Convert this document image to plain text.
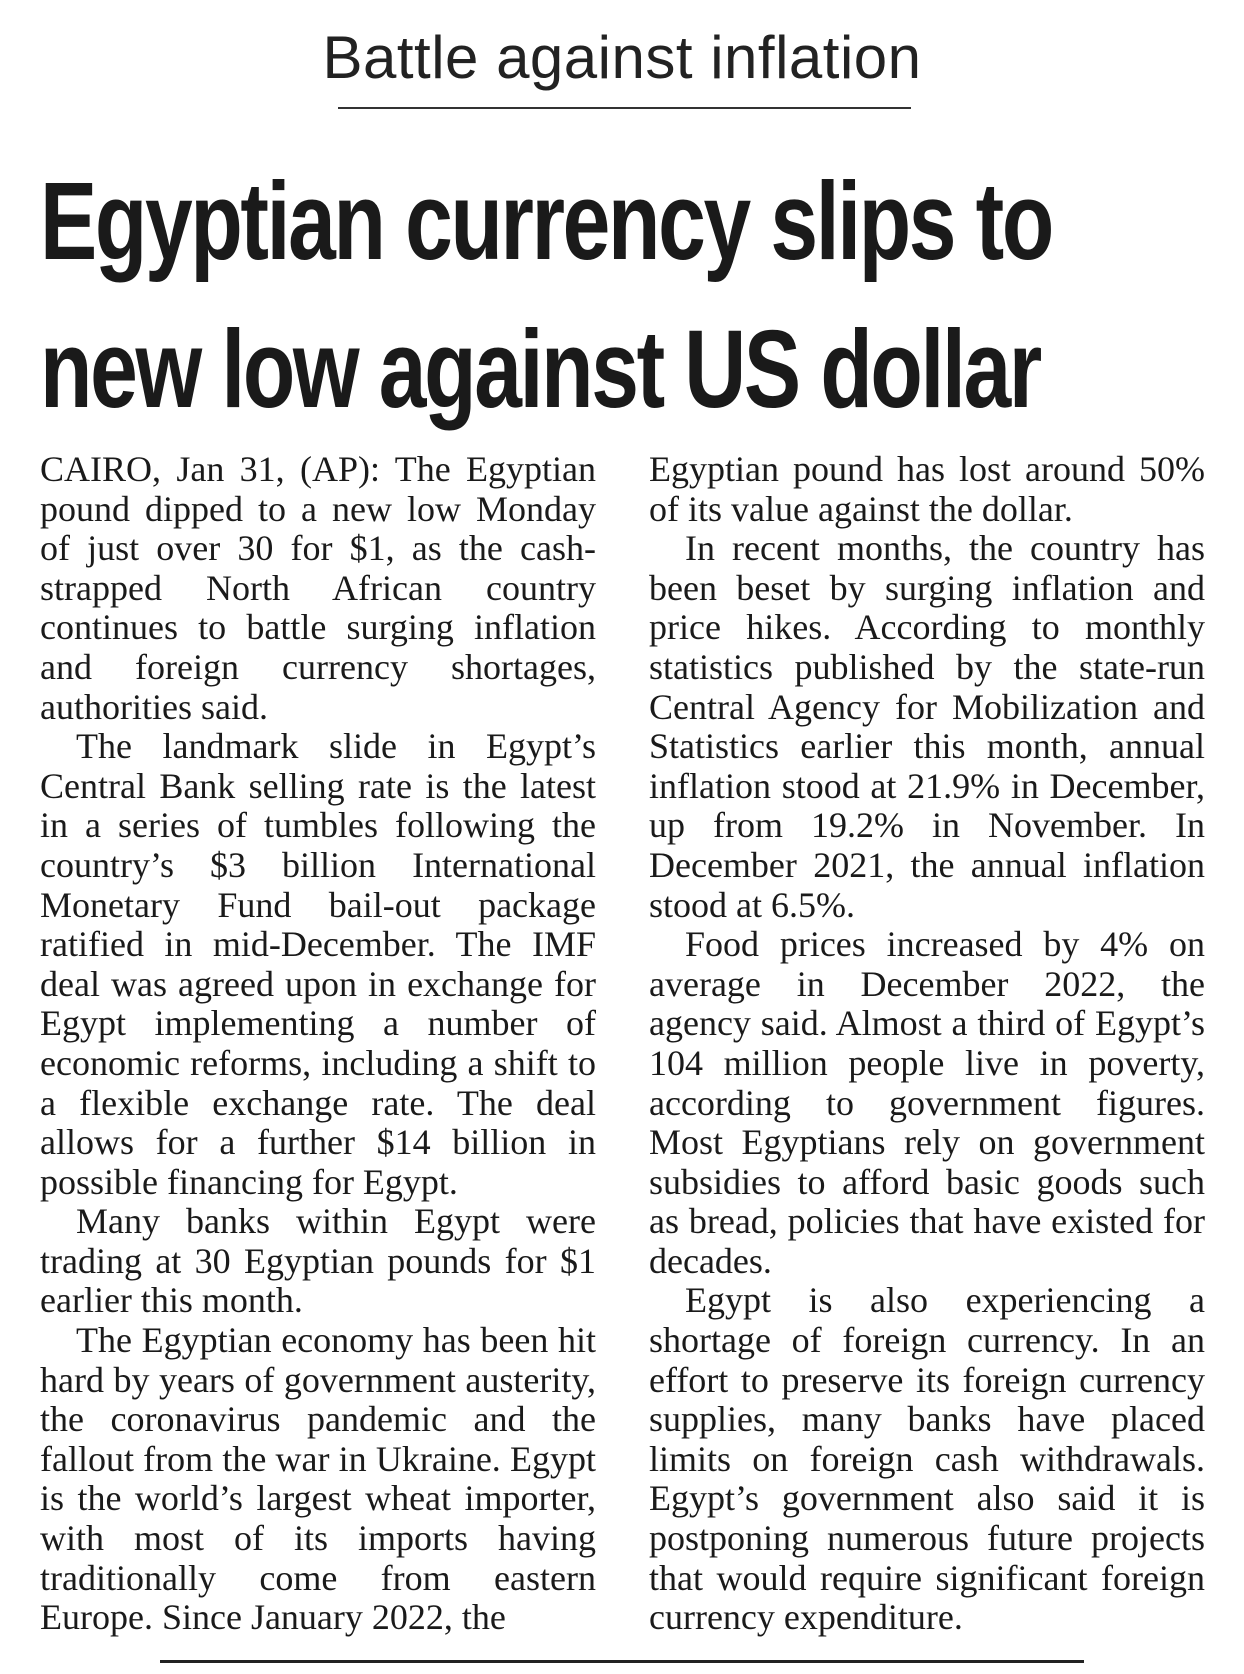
Battle against inflation
Egyptian currency slips to
new low against US dollar

CAIRO, Jan 31, (AP): The Egyptian pound dipped to a new low Monday of just over 30 for $1, as the cash-strapped North African country continues to battle surging inflation and foreign currency shortages, authorities said.

The landmark slide in Egypt’s Central Bank selling rate is the latest in a series of tumbles following the country’s $3 billion International Monetary Fund bail-out package ratified in mid-December. The IMF deal was agreed upon in exchange for Egypt implementing a number of economic reforms, including a shift to a flexible exchange rate. The deal allows for a further $14 billion in possible financing for Egypt.

Many banks within Egypt were trading at 30 Egyptian pounds for $1 earlier this month.

The Egyptian economy has been hit hard by years of government austerity, the coronavirus pandemic and the fallout from the war in Ukraine. Egypt is the world’s largest wheat importer, with most of its imports having traditionally come from eastern Europe. Since January 2022, the

Egyptian pound has lost around 50% of its value against the dollar.

In recent months, the country has been beset by surging inflation and price hikes. According to monthly statistics published by the state-run Central Agency for Mobilization and Statistics earlier this month, annual inflation stood at 21.9% in December, up from 19.2% in November. In December 2021, the annual inflation stood at 6.5%.

Food prices increased by 4% on average in December 2022, the agency said. Almost a third of Egypt’s 104 million people live in poverty, according to government figures. Most Egyptians rely on government subsidies to afford basic goods such as bread, policies that have existed for decades.

Egypt is also experiencing a shortage of foreign currency. In an effort to preserve its foreign currency supplies, many banks have placed limits on foreign cash withdrawals. Egypt’s government also said it is postponing numerous future projects that would require significant foreign currency expenditure.
